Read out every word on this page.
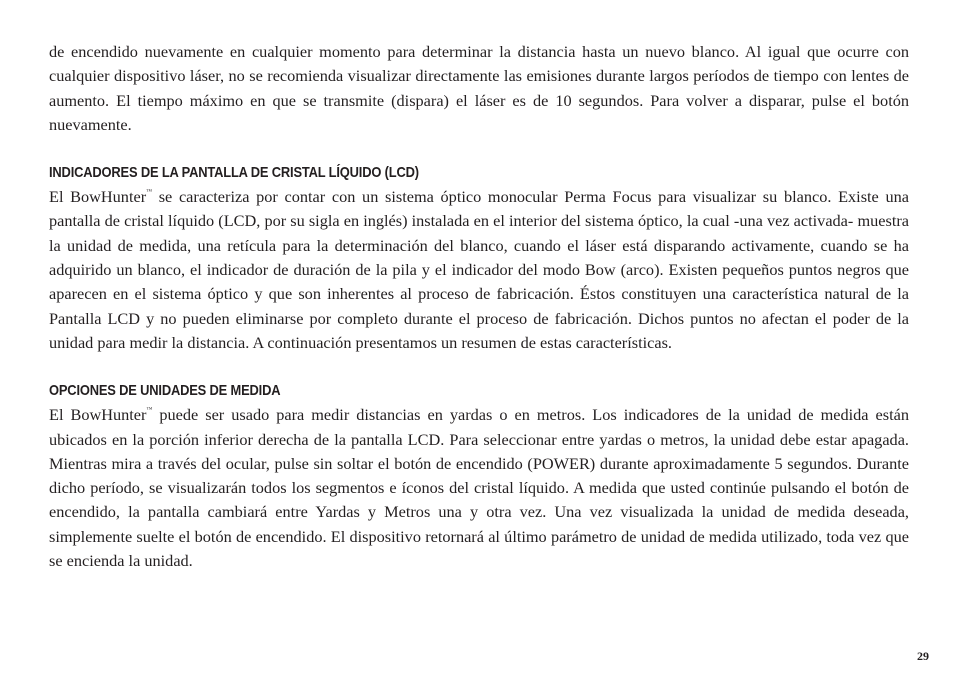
de encendido nuevamente en cualquier momento para determinar la distancia hasta un nuevo blanco. Al igual que ocurre con cualquier dispositivo láser, no se recomienda visualizar directamente las emisiones durante largos períodos de tiempo con lentes de aumento. El tiempo máximo en que se transmite (dispara) el láser es de 10 segundos. Para volver a disparar, pulse el botón nuevamente.

INDICADORES DE LA PANTALLA DE CRISTAL LÍQUIDO (LCD)

El BowHunter™ se caracteriza por contar con un sistema óptico monocular Perma Focus para visualizar su blanco. Existe una pantalla de cristal líquido (LCD, por su sigla en inglés) instalada en el interior del sistema óptico, la cual -una vez activada- muestra la unidad de medida, una retícula para la determinación del blanco, cuando el láser está disparando activamente, cuando se ha adquirido un blanco, el indicador de duración de la pila y el indicador del modo Bow (arco). Existen pequeños puntos negros que aparecen en el sistema óptico y que son inherentes al proceso de fabricación. Éstos constituyen una característica natural de la Pantalla LCD y no pueden eliminarse por completo durante el proceso de fabricación. Dichos puntos no afectan el poder de la unidad para medir la distancia. A continuación presentamos un resumen de estas características.

OPCIONES DE UNIDADES DE MEDIDA

El BowHunter™ puede ser usado para medir distancias en yardas o en metros. Los indicadores de la unidad de medida están ubicados en la porción inferior derecha de la pantalla LCD. Para seleccionar entre yardas o metros, la unidad debe estar apagada. Mientras mira a través del ocular, pulse sin soltar el botón de encendido (POWER) durante aproximadamente 5 segundos. Durante dicho período, se visualizarán todos los segmentos e íconos del cristal líquido. A medida que usted continúe pulsando el botón de encendido, la pantalla cambiará entre Yardas y Metros una y otra vez. Una vez visualizada la unidad de medida deseada, simplemente suelte el botón de encendido. El dispositivo retornará al último parámetro de unidad de medida utilizado, toda vez que se encienda la unidad.

29
